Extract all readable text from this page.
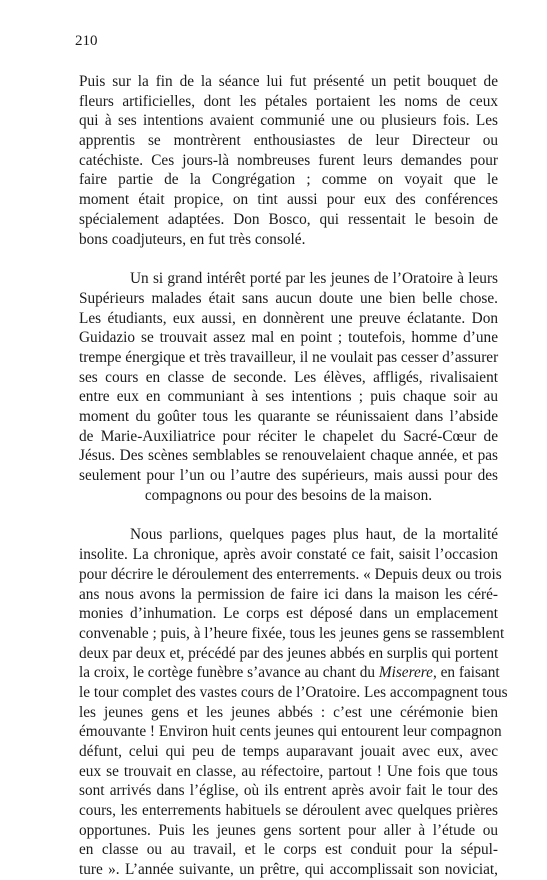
210

Puis sur la fin de la séance lui fut présenté un petit bouquet de
fleurs artificielles, dont les pétales portaient les noms de ceux
qui à ses intentions avaient communié une ou plusieurs fois. Les
apprentis se montrèrent enthousiastes de leur Directeur ou
catéchiste. Ces jours-là nombreuses furent leurs demandes pour
faire partie de la Congrégation ; comme on voyait que le
moment était propice, on tint aussi pour eux des conférences
spécialement adaptées. Don Bosco, qui ressentait le besoin de
bons coadjuteurs, en fut très consolé.

Un si grand intérêt porté par les jeunes de l’Oratoire à leurs
Supérieurs malades était sans aucun doute une bien belle chose.
Les étudiants, eux aussi, en donnèrent une preuve éclatante. Don
Guidazio se trouvait assez mal en point ; toutefois, homme d’une
trempe énergique et très travailleur, il ne voulait pas cesser d’assurer
ses cours en classe de seconde. Les élèves, affligés, rivalisaient
entre eux en communiant à ses intentions ; puis chaque soir au
moment du goûter tous les quarante se réunissaient dans l’abside
de Marie-Auxiliatrice pour réciter le chapelet du Sacré-Cœur de
Jésus. Des scènes semblables se renouvelaient chaque année, et pas
seulement pour l’un ou l’autre des supérieurs, mais aussi pour des
compagnons ou pour des besoins de la maison.

Nous parlions, quelques pages plus haut, de la mortalité
insolite. La chronique, après avoir constaté ce fait, saisit l’occasion
pour décrire le déroulement des enterrements. « Depuis deux ou trois
ans nous avons la permission de faire ici dans la maison les céré-
monies d’inhumation. Le corps est déposé dans un emplacement
convenable ; puis, à l’heure fixée, tous les jeunes gens se rassemblent
deux par deux et, précédé par des jeunes abbés en surplis qui portent
la croix, le cortège funèbre s’avance au chant du Miserere, en faisant
le tour complet des vastes cours de l’Oratoire. Les accompagnent tous
les jeunes gens et les jeunes abbés : c’est une cérémonie bien
émouvante ! Environ huit cents jeunes qui entourent leur compagnon
défunt, celui qui peu de temps auparavant jouait avec eux, avec
eux se trouvait en classe, au réfectoire, partout ! Une fois que tous
sont arrivés dans l’église, où ils entrent après avoir fait le tour des
cours, les enterrements habituels se déroulent avec quelques prières
opportunes. Puis les jeunes gens sortent pour aller à l’étude ou
en classe ou au travail, et le corps est conduit pour la sépul-
ture ». L’année suivante, un prêtre, qui accomplissait son noviciat,
